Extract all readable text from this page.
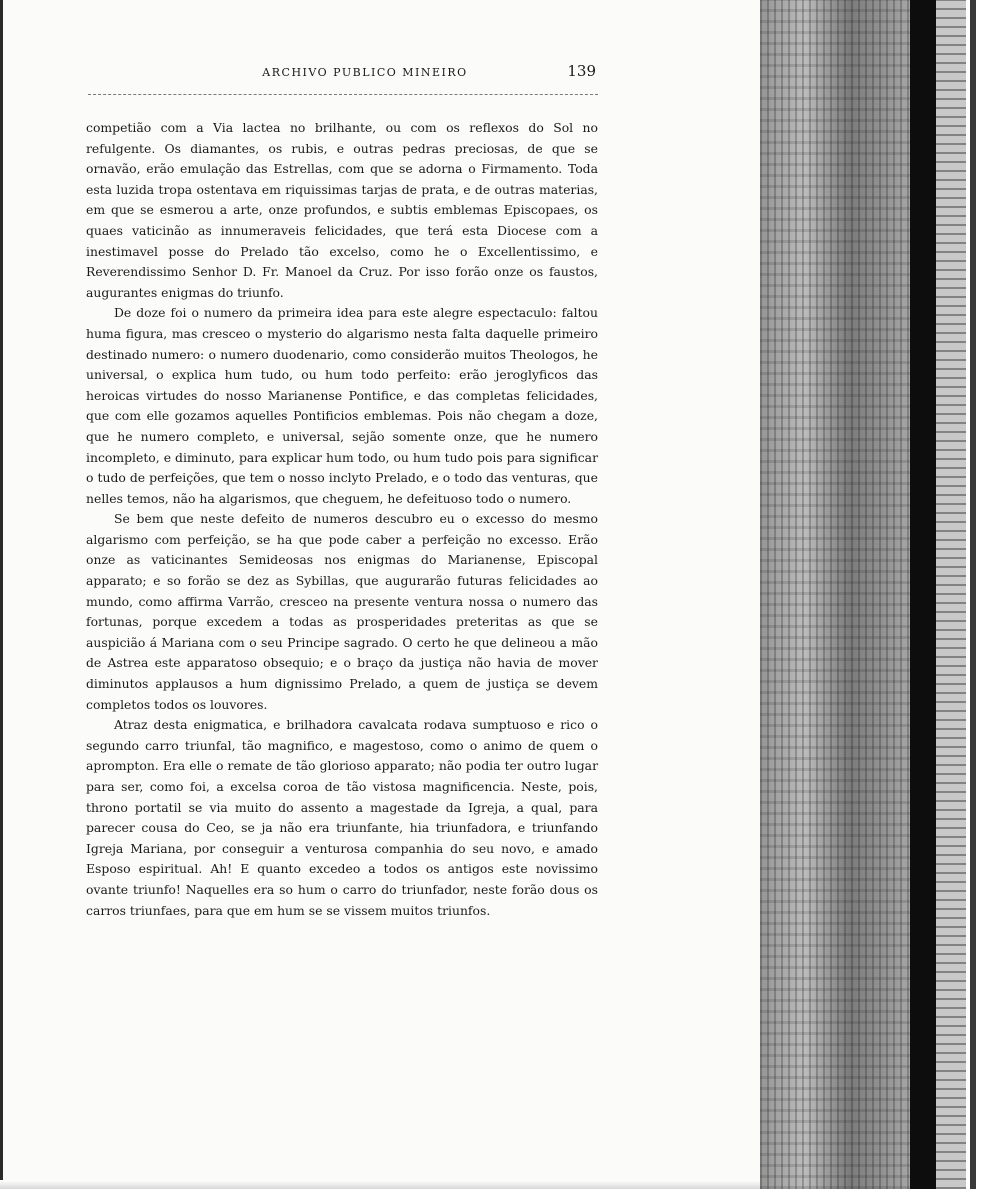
ARCHIVO PUBLICO MINEIRO	139

competião com a Via lactea no brilhante, ou com os reflexos do Sol no refulgente. Os diamantes, os rubis, e outras pedras preciosas, de que se ornavão, erão emulação das Estrellas, com que se adorna o Firmamento. Toda esta luzida tropa ostentava em riquissimas tarjas de prata, e de outras materias, em que se esmerou a arte, onze profundos, e subtis emblemas Episcopaes, os quaes vaticinão as innumeraveis felicidades, que terá esta Diocese com a inestimavel posse do Prelado tão excelso, como he o Excellentissimo, e Reverendissimo Senhor D. Fr. Manoel da Cruz. Por isso forão onze os faustos, augurantes enigmas do triunfo.

De doze foi o numero da primeira idea para este alegre espectaculo: faltou huma figura, mas cresceo o mysterio do algarismo nesta falta daquelle primeiro destinado numero: o numero duodenario, como considerão muitos Theologos, he universal, o explica hum tudo, ou hum todo perfeito: erão jeroglyficos das heroicas virtudes do nosso Marianense Pontifice, e das completas felicidades, que com elle gozamos aquelles Pontificios emblemas. Pois não chegam a doze, que he numero completo, e universal, sejão somente onze, que he numero incompleto, e diminuto, para explicar hum todo, ou hum tudo pois para significar o tudo de perfeições, que tem o nosso inclyto Prelado, e o todo das venturas, que nelles temos, não ha algarismos, que cheguem, he defeituoso todo o numero.

Se bem que neste defeito de numeros descubro eu o excesso do mesmo algarismo com perfeição, se ha que pode caber a perfeição no excesso. Erão onze as vaticinantes Semideosas nos enigmas do Marianense, Episcopal apparato; e so forão se dez as Sybillas, que augurarão futuras felicidades ao mundo, como affirma Varrão, cresceo na presente ventura nossa o numero das fortunas, porque excedem a todas as prosperidades preteritas as que se auspicião á Mariana com o seu Principe sagrado. O certo he que delineou a mão de Astrea este apparatoso obsequio; e o braço da justiça não havia de mover diminutos applausos a hum dignissimo Prelado, a quem de justiça se devem completos todos os louvores.

Atraz desta enigmatica, e brilhadora cavalcata rodava sumptuoso e rico o segundo carro triunfal, tão magnifico, e magestoso, como o animo de quem o aprompton. Era elle o remate de tão glorioso apparato; não podia ter outro lugar para ser, como foi, a excelsa coroa de tão vistosa magnificencia. Neste, pois, throno portatil se via muito do assento a magestade da Igreja, a qual, para parecer cousa do Ceo, se ja não era triunfante, hia triunfadora, e triunfando Igreja Mariana, por conseguir a venturosa companhia do seu novo, e amado Esposo espiritual. Ah! E quanto excedeo a todos os antigos este novissimo ovante triunfo! Naquelles era so hum o carro do triunfador, neste forão dous os carros triunfaes, para que em hum se se vissem muitos triunfos.
